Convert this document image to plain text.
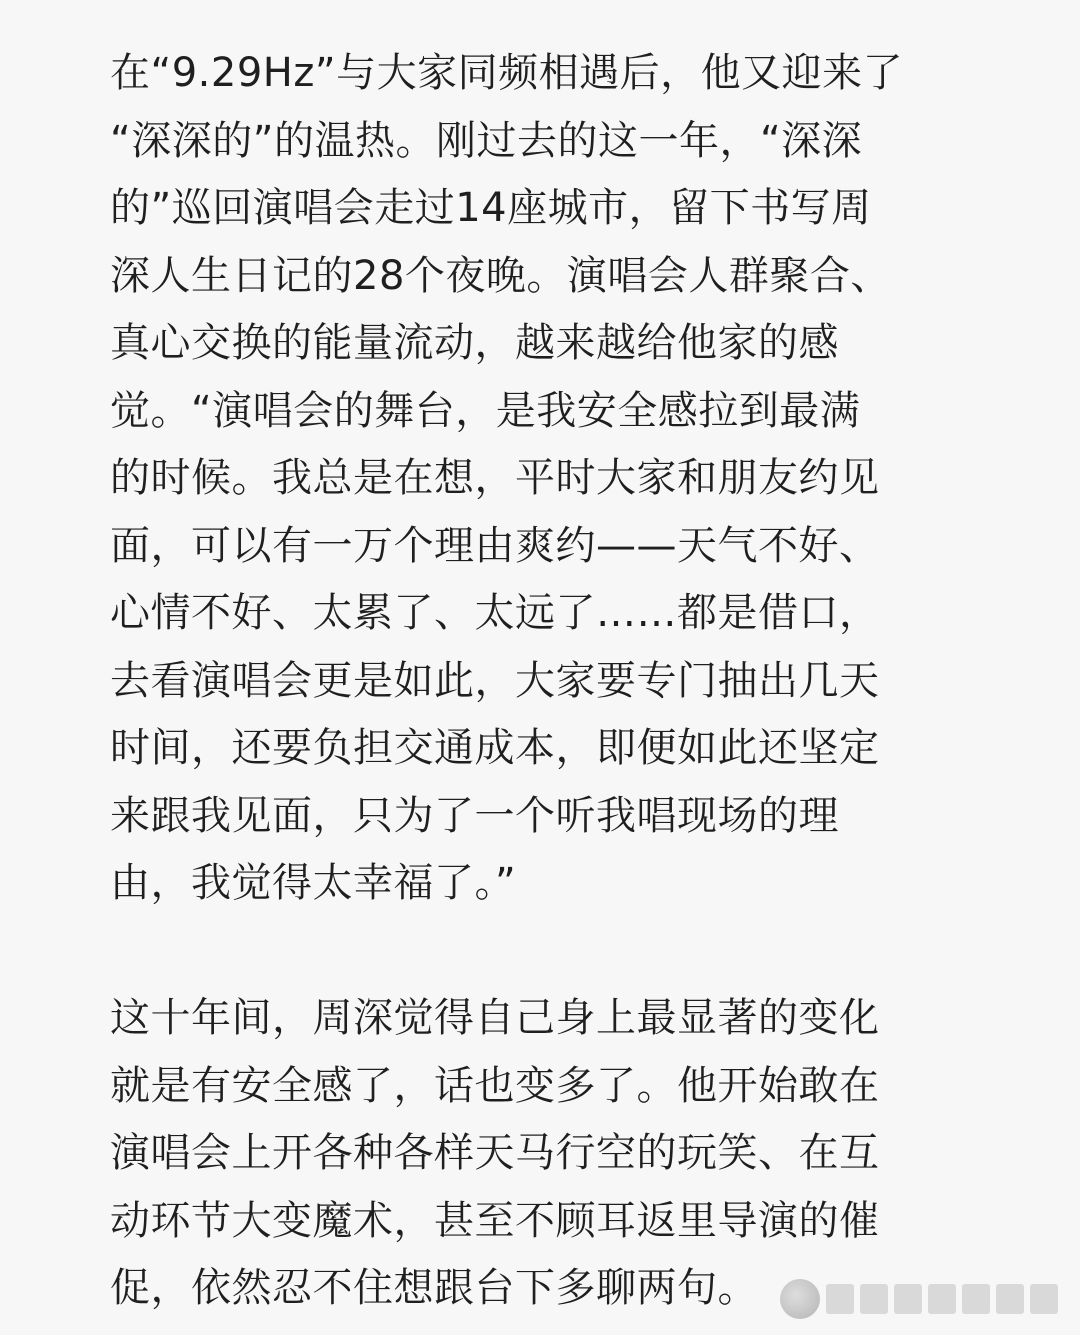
在“9.29Hz”与大家同频相遇后，他又迎来了
“深深的”的温热。刚过去的这一年，“深深
的”巡回演唱会走过14座城市，留下书写周
深人生日记的28个夜晚。演唱会人群聚合、
真心交换的能量流动，越来越给他家的感
觉。“演唱会的舞台，是我安全感拉到最满
的时候。我总是在想，平时大家和朋友约见
面，可以有一万个理由爽约——天气不好、
心情不好、太累了、太远了……都是借口，
去看演唱会更是如此，大家要专门抽出几天
时间，还要负担交通成本，即便如此还坚定
来跟我见面，只为了一个听我唱现场的理
由，我觉得太幸福了。”
这十年间，周深觉得自己身上最显著的变化
就是有安全感了，话也变多了。他开始敢在
演唱会上开各种各样天马行空的玩笑、在互
动环节大变魔术，甚至不顾耳返里导演的催
促，依然忍不住想跟台下多聊两句。
